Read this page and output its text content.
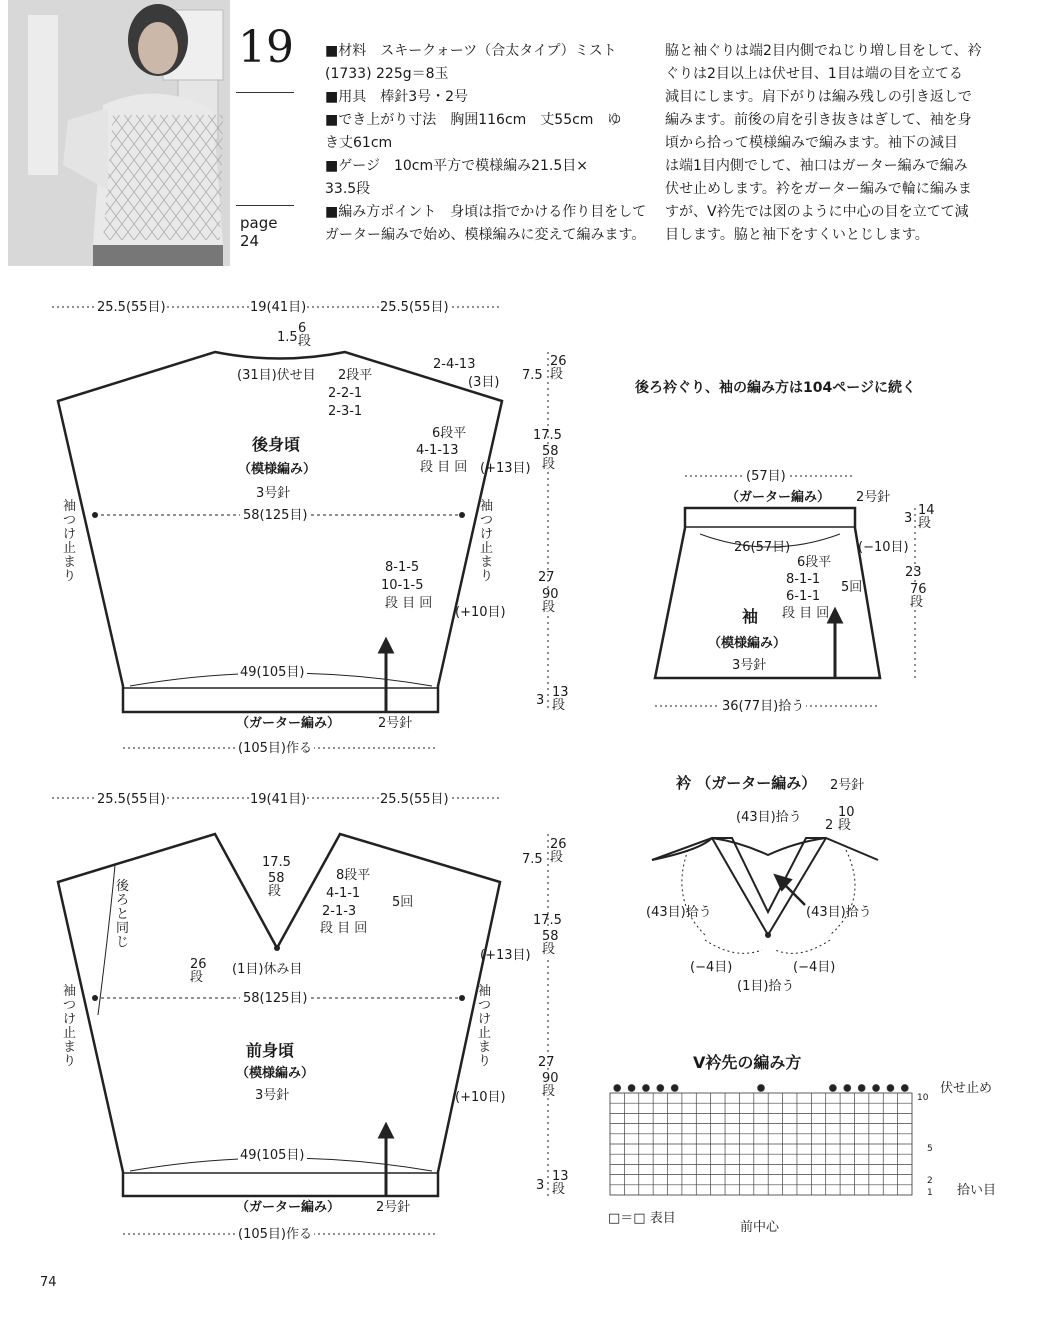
19
page
24
■材料　スキークォーツ（合太タイプ）ミスト
(1733) 225g＝8玉
■用具　棒針3号・2号
■でき上がり寸法　胸囲116cm　丈55cm　ゆ
き丈61cm
■ゲージ　10cm平方で模様編み21.5目×
33.5段
■編み方ポイント　身頃は指でかける作り目をして
ガーター編みで始め、模様編みに変えて編みます。
脇と袖ぐりは端2目内側でねじり増し目をして、衿
ぐりは2目以上は伏せ目、1目は端の目を立てる
減目にします。肩下がりは編み残しの引き返しで
編みます。前後の肩を引き抜きはぎして、袖を身
頃から拾って模様編みで編みます。袖下の減目
は端1目内側でして、袖口はガーター編みで編み
伏せ止めします。衿をガーター編みで輪に編みま
すが、V衿先では図のように中心の目を立てて減
目します。脇と袖下をすくいとじします。
25.5(55目)	19(41目)	25.5(55目)
1.5
6段
(31目)伏せ目 2段平
2-2-1
2-3-1
2-4-13
(3目) 7.5
26段
17.5
58段
27
90段
3
13段
後身頃
（模様編み）
3号針
6段平
4-1-13
段 目 回 (+13目)
58(125目)
袖つけ止まり
袖つけ止まり
8-1-5
10-1-5
段 目 回
(+10目)
49(105目)
（ガーター編み）	2号針
(105目)作る
後ろ衿ぐり、袖の編み方は104ページに続く
(57目)
（ガーター編み） 2号針
3
14段
26(57目)	(−10目)
23
76段
6段平
8-1-1
6-1-1
5回
段 目 回
袖
（模様編み）
3号針
36(77目)拾う
衿 （ガーター編み） 2号針
(43目)拾う
2
10段
(43目)拾う	(43目)拾う
(−4目)	(−4目)
(1目)拾う
25.5(55目)	19(41目)	25.5(55目)
17.5
58段
8段平
4-1-1
2-1-3
5回
段 目 回
(1目)休み目
26段
後ろと同じ
7.5
26段
17.5
58段
27
90段
3
13段
(+13目)
(+10目)
58(125目)
袖つけ止まり
袖つけ止まり
前身頃
（模様編み）
3号針
49(105目)
（ガーター編み）	2号針
(105目)作る
V衿先の編み方
伏せ止め
10
5
2
1 拾い目
□＝□ 表目
前中心
74
